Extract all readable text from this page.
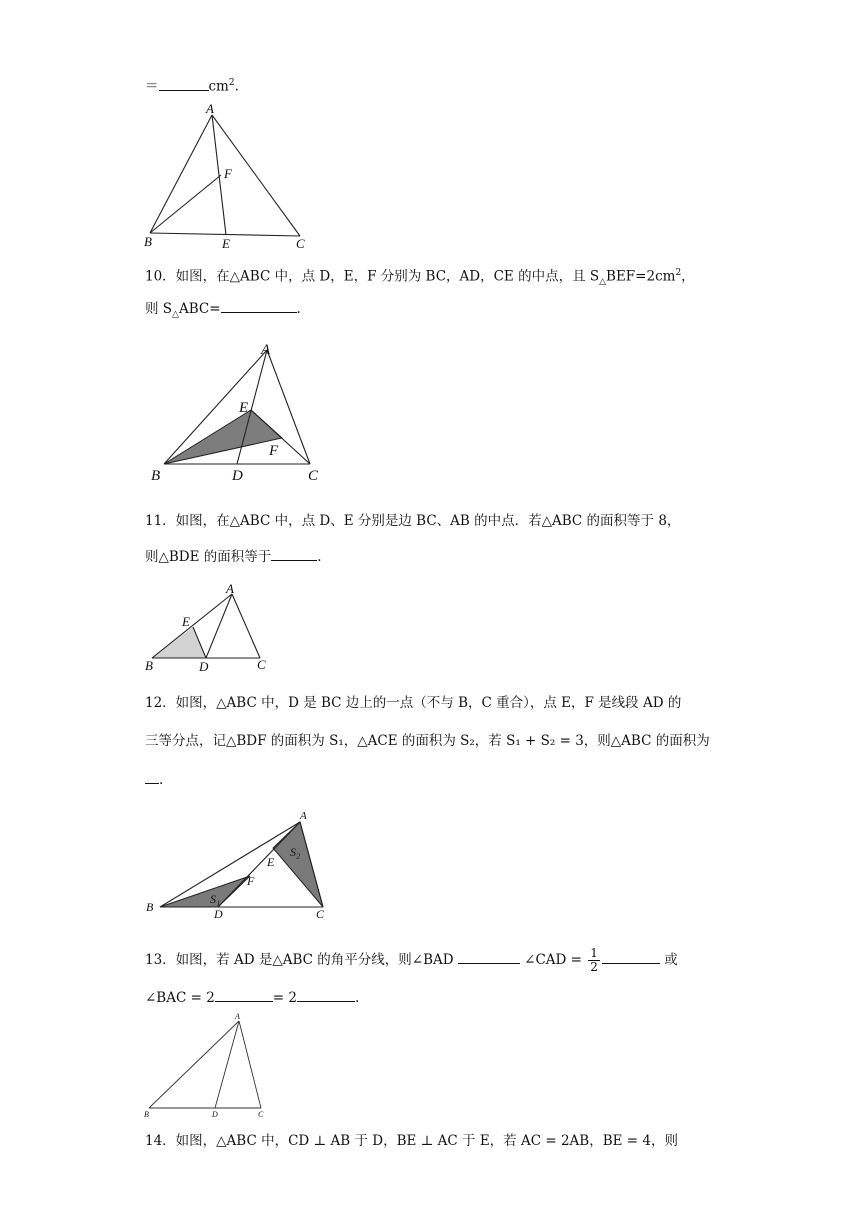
＝	$cm^2$.
A
F
B	E	C
10．如图，在△ABC 中，点 D，E，F 分别为 BC，AD，CE 的中点，且 $S_\triangle BEF=2cm^2$，
则 $S_\triangle ABC=$	.
A
E
F
B	D	C
11．如图，在△ABC 中，点 D、E 分别是边 BC、AB 的中点．若△ABC 的面积等于 8，
则△BDE 的面积等于	.
A
E
B	D	C
12．如图，△ABC 中，D 是 BC 边上的一点（不与 B，C 重合），点 E，F 是线段 AD 的
三等分点，记△BDF 的面积为 S₁，△ACE 的面积为 S₂，若 S₁ + S₂ = 3，则△ABC 的面积为
.
A
E
S₂
F
S₁
B	D	C
13．如图，若 AD 是△ABC 的角平分线，则∠BAD	∠CAD = $\frac{1}{2}$	或
∠BAC = 2	= 2	.
A
B	D	C
14．如图，△ABC 中，CD ⊥ AB 于 D，BE ⊥ AC 于 E，若 AC = 2AB，BE = 4，则
